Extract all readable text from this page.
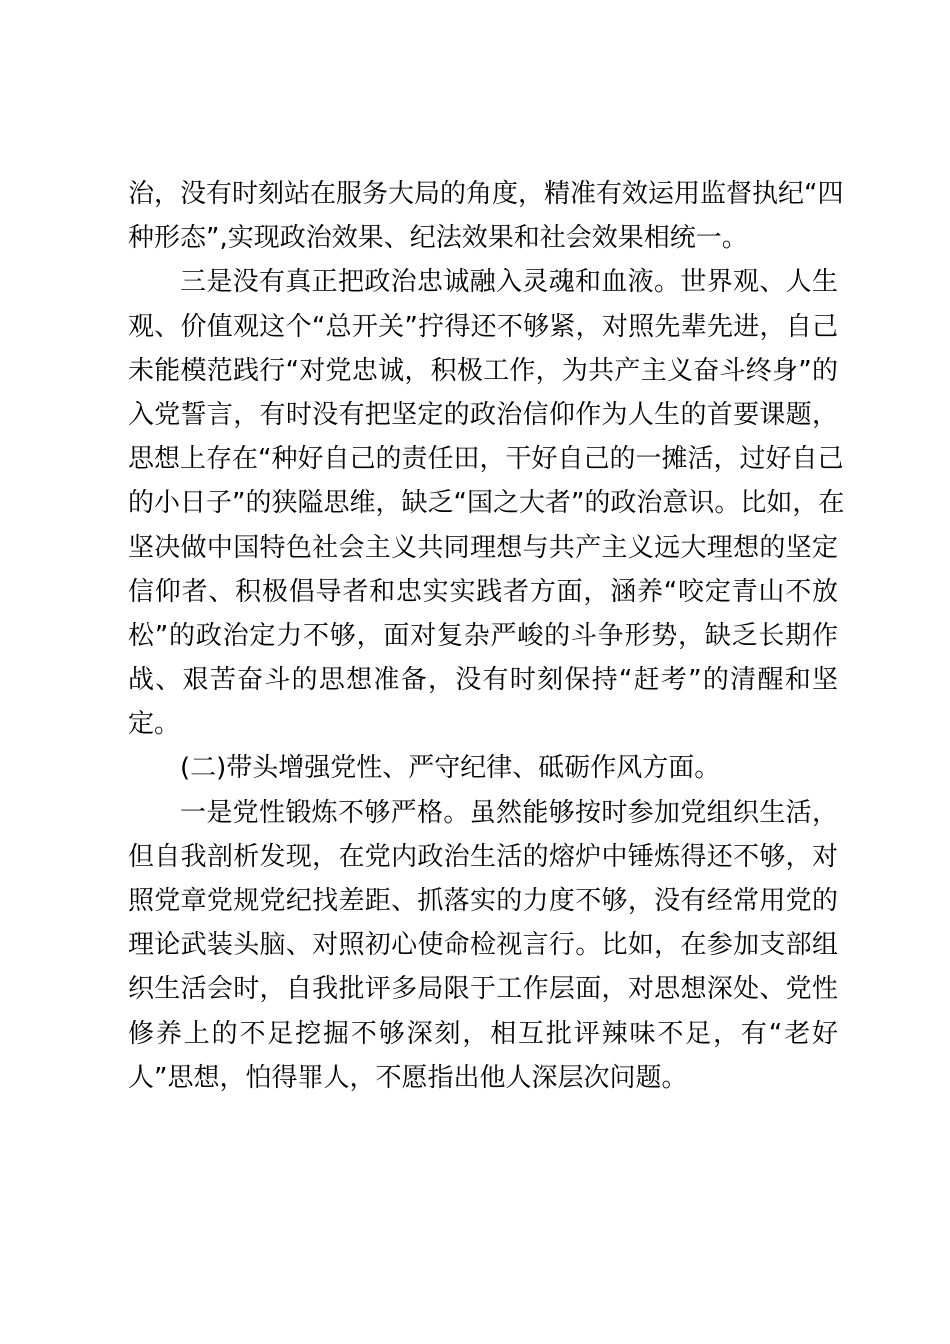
治，没有时刻站在服务大局的角度，精准有效运用监督执纪“四
种形态”,实现政治效果、纪法效果和社会效果相统一。
三是没有真正把政治忠诚融入灵魂和血液。世界观、人生
观、价值观这个“总开关”拧得还不够紧，对照先辈先进，自己
未能模范践行“对党忠诚，积极工作，为共产主义奋斗终身”的
入党誓言，有时没有把坚定的政治信仰作为人生的首要课题，
思想上存在“种好自己的责任田，干好自己的一摊活，过好自己
的小日子”的狭隘思维，缺乏“国之大者”的政治意识。比如，在
坚决做中国特色社会主义共同理想与共产主义远大理想的坚定
信仰者、积极倡导者和忠实实践者方面，涵养“咬定青山不放
松”的政治定力不够，面对复杂严峻的斗争形势，缺乏长期作
战、艰苦奋斗的思想准备，没有时刻保持“赶考”的清醒和坚
定。
(二)带头增强党性、严守纪律、砥砺作风方面。
一是党性锻炼不够严格。虽然能够按时参加党组织生活，
但自我剖析发现，在党内政治生活的熔炉中锤炼得还不够，对
照党章党规党纪找差距、抓落实的力度不够，没有经常用党的
理论武装头脑、对照初心使命检视言行。比如，在参加支部组
织生活会时，自我批评多局限于工作层面，对思想深处、党性
修养上的不足挖掘不够深刻，相互批评辣味不足，有“老好
人”思想，怕得罪人，不愿指出他人深层次问题。
